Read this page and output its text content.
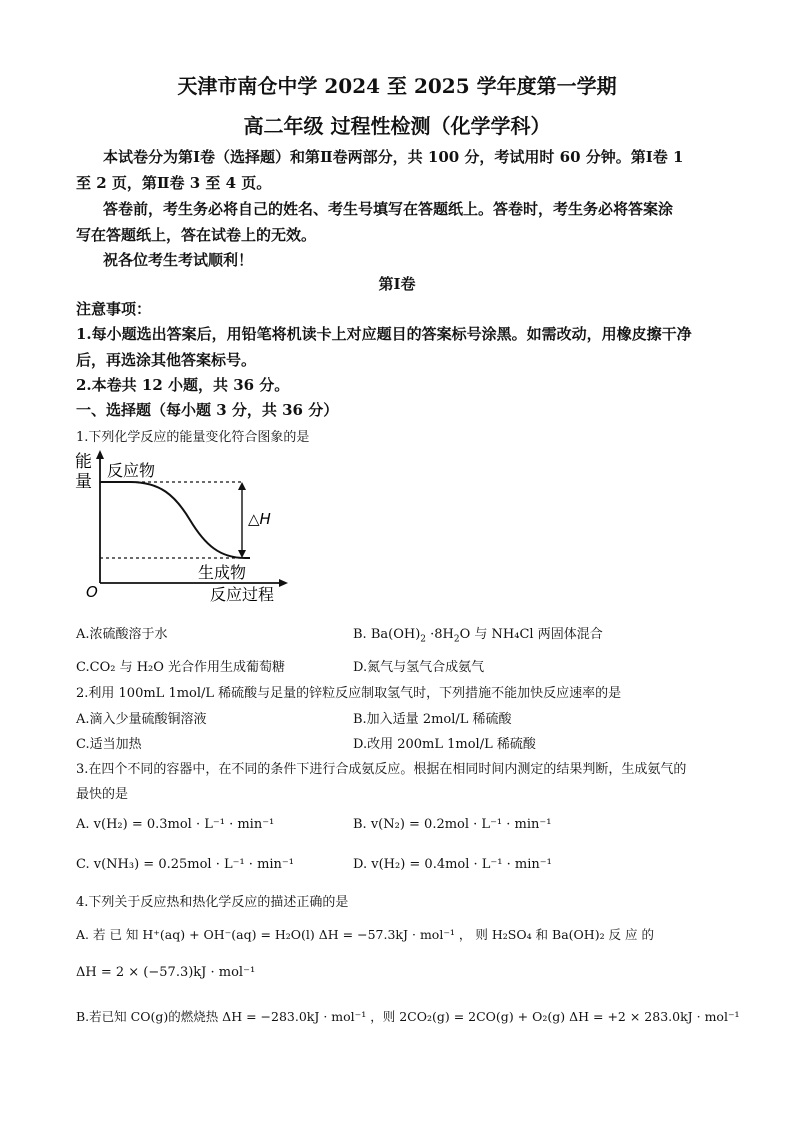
天津市南仓中学 2024 至 2025 学年度第一学期
高二年级 过程性检测（化学学科）
本试卷分为第Ⅰ卷（选择题）和第Ⅱ卷两部分，共 100 分，考试用时 60 分钟。第Ⅰ卷 1
至 2 页，第Ⅱ卷 3 至 4 页。
答卷前，考生务必将自己的姓名、考生号填写在答题纸上。答卷时，考生务必将答案涂
写在答题纸上，答在试卷上的无效。
祝各位考生考试顺利！
第Ⅰ卷
注意事项：
1.每小题选出答案后，用铅笔将机读卡上对应题目的答案标号涂黑。如需改动，用橡皮擦干净
后，再选涂其他答案标号。
2.本卷共 12 小题，共 36 分。
一、选择题（每小题 3 分，共 36 分）
1.下列化学反应的能量变化符合图象的是
能
量
反应物
生成物
△H
O	反应过程
A.浓硫酸溶于水	B. $Ba(OH)_2 \cdot 8H_2O$ 与 NH₄Cl 两固体混合
C.CO₂ 与 H₂O 光合作用生成葡萄糖	D.氮气与氢气合成氨气
2.利用 100mL 1mol/L 稀硫酸与足量的锌粒反应制取氢气时，下列措施不能加快反应速率的是
A.滴入少量硫酸铜溶液	B.加入适量 2mol/L 稀硫酸
C.适当加热	D.改用 200mL 1mol/L 稀硫酸
3.在四个不同的容器中，在不同的条件下进行合成氨反应。根据在相同时间内测定的结果判断，生成氨气的
最快的是
A. v(H₂) = 0.3mol · L⁻¹ · min⁻¹	B. v(N₂) = 0.2mol · L⁻¹ · min⁻¹
C. v(NH₃) = 0.25mol · L⁻¹ · min⁻¹	D. v(H₂) = 0.4mol · L⁻¹ · min⁻¹
4.下列关于反应热和热化学反应的描述正确的是
A. 若 已 知 H⁺(aq) + OH⁻(aq) = H₂O(l) ΔH = −57.3kJ · mol⁻¹ ， 则 H₂SO₄ 和 Ba(OH)₂ 反 应 的
ΔH = 2 × (−57.3)kJ · mol⁻¹
B.若已知 CO(g)的燃烧热 ΔH = −283.0kJ · mol⁻¹ ，则 2CO₂(g) = 2CO(g) + O₂(g) ΔH = +2 × 283.0kJ · mol⁻¹
